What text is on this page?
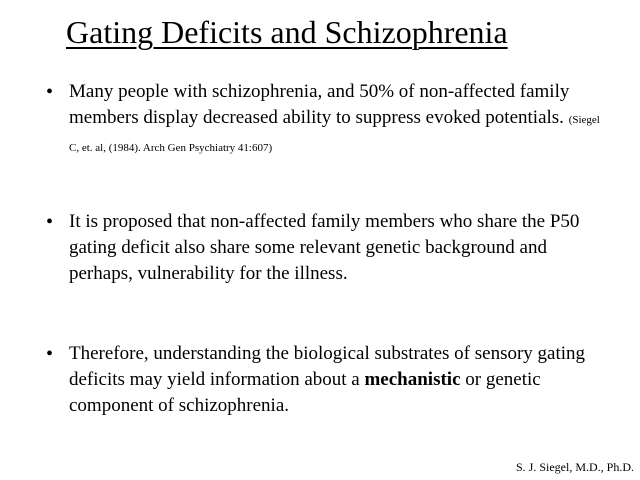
Gating Deficits and Schizophrenia
• Many people with schizophrenia, and 50% of non-affected family members display decreased ability to suppress evoked potentials. (Siegel C, et. al, (1984). Arch Gen Psychiatry 41:607)
• It is proposed that non-affected family members who share the P50 gating deficit also share some relevant genetic background and perhaps, vulnerability for the illness.
• Therefore, understanding the biological substrates of sensory gating deficits may yield information about a mechanistic or genetic component of schizophrenia.
S. J. Siegel, M.D., Ph.D.
